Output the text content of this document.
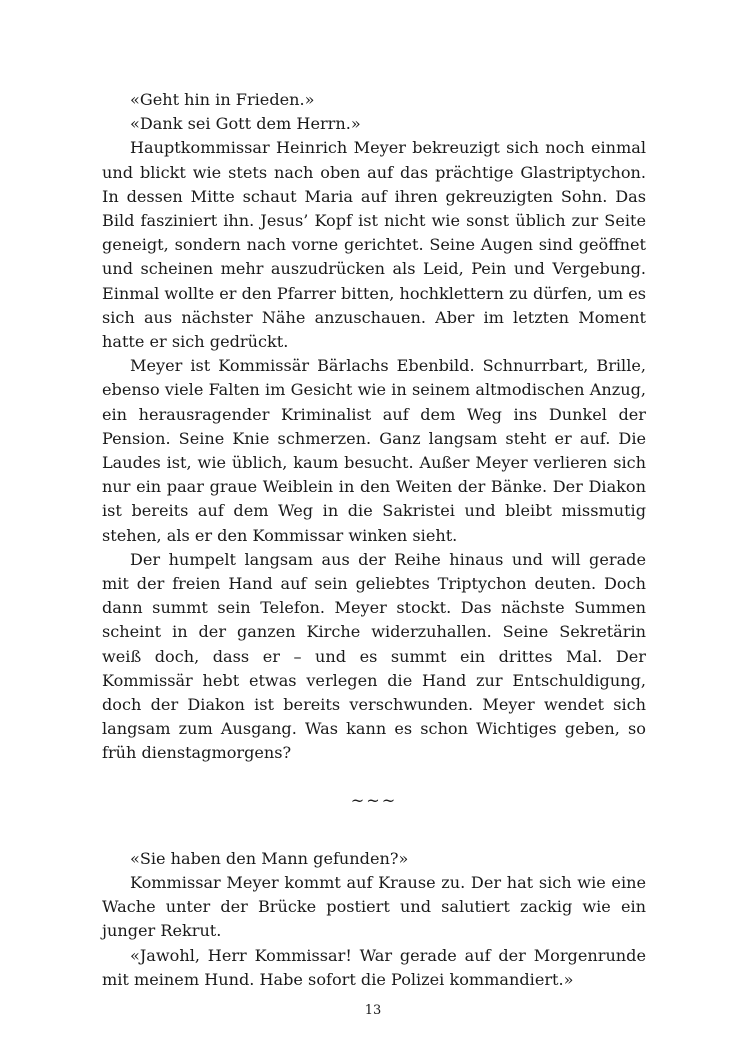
«Geht hin in Frieden.»

«Dank sei Gott dem Herrn.»

Hauptkommissar Heinrich Meyer bekreuzigt sich noch einmal und blickt wie stets nach oben auf das prächtige Glastriptychon. In dessen Mitte schaut Maria auf ihren gekreuzigten Sohn. Das Bild fasziniert ihn. Jesus’ Kopf ist nicht wie sonst üblich zur Seite geneigt, sondern nach vorne gerichtet. Seine Augen sind geöffnet und scheinen mehr auszudrücken als Leid, Pein und Vergebung. Einmal wollte er den Pfarrer bitten, hochklettern zu dürfen, um es sich aus nächster Nähe anzuschauen. Aber im letzten Moment hatte er sich gedrückt.

Meyer ist Kommissär Bärlachs Ebenbild. Schnurrbart, Brille, ebenso viele Falten im Gesicht wie in seinem altmodischen Anzug, ein herausragender Kriminalist auf dem Weg ins Dunkel der Pension. Seine Knie schmerzen. Ganz langsam steht er auf. Die Laudes ist, wie üblich, kaum besucht. Außer Meyer verlieren sich nur ein paar graue Weiblein in den Weiten der Bänke. Der Diakon ist bereits auf dem Weg in die Sakristei und bleibt missmutig stehen, als er den Kommissar winken sieht.

Der humpelt langsam aus der Reihe hinaus und will gerade mit der freien Hand auf sein geliebtes Triptychon deuten. Doch dann summt sein Telefon. Meyer stockt. Das nächste Summen scheint in der ganzen Kirche widerzuhallen. Seine Sekretärin weiß doch, dass er – und es summt ein drittes Mal. Der Kommissär hebt etwas verlegen die Hand zur Entschuldigung, doch der Diakon ist bereits verschwunden. Meyer wendet sich langsam zum Ausgang. Was kann es schon Wichtiges geben, so früh dienstagmorgens?

~~~

«Sie haben den Mann gefunden?»

Kommissar Meyer kommt auf Krause zu. Der hat sich wie eine Wache unter der Brücke postiert und salutiert zackig wie ein junger Rekrut.

«Jawohl, Herr Kommissar! War gerade auf der Morgenrunde mit meinem Hund. Habe sofort die Polizei kommandiert.»

13
